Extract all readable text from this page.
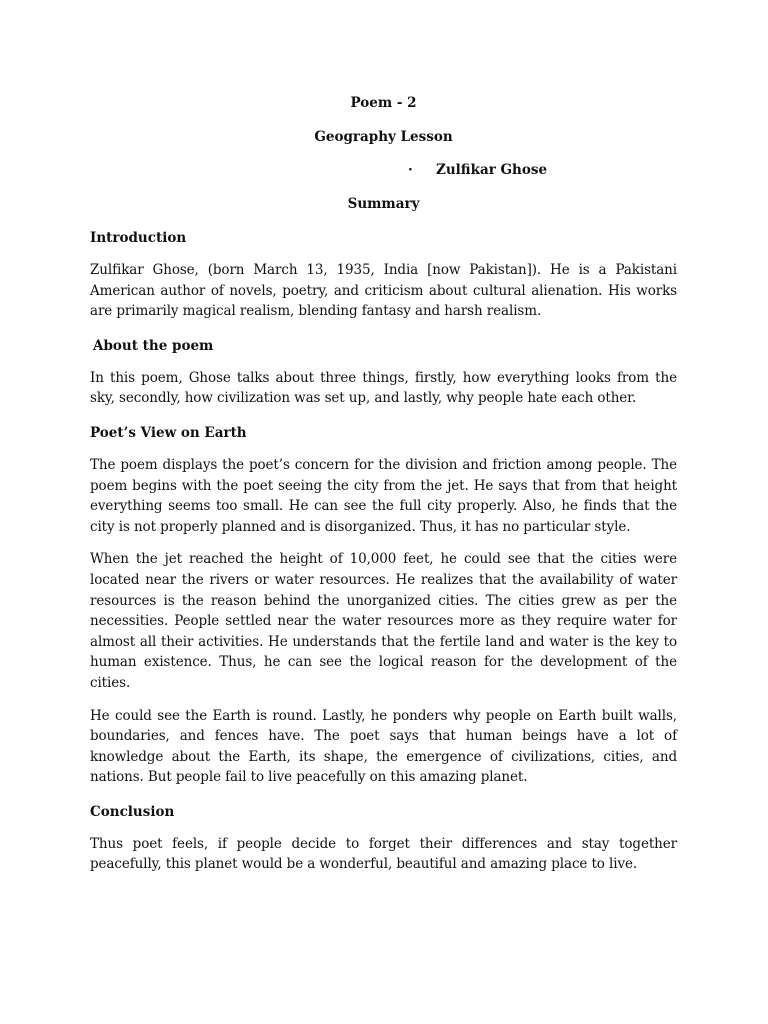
Poem - 2
Geography Lesson
·	Zulfikar Ghose
Summary
Introduction

Zulfikar Ghose, (born March 13, 1935, India [now Pakistan]). He is a Pakistani American author of novels, poetry, and criticism about cultural alienation. His works are primarily magical realism, blending fantasy and harsh realism.

About the poem

In this poem, Ghose talks about three things, firstly, how everything looks from the sky, secondly, how civilization was set up, and lastly, why people hate each other.

Poet’s View on Earth

The poem displays the poet’s concern for the division and friction among people. The poem begins with the poet seeing the city from the jet. He says that from that height everything seems too small. He can see the full city properly. Also, he finds that the city is not properly planned and is disorganized. Thus, it has no particular style.

When the jet reached the height of 10,000 feet, he could see that the cities were located near the rivers or water resources. He realizes that the availability of water resources is the reason behind the unorganized cities. The cities grew as per the necessities. People settled near the water resources more as they require water for almost all their activities. He understands that the fertile land and water is the key to human existence. Thus, he can see the logical reason for the development of the cities.

He could see the Earth is round. Lastly, he ponders why people on Earth built walls, boundaries, and fences have. The poet says that human beings have a lot of knowledge about the Earth, its shape, the emergence of civilizations, cities, and nations. But people fail to live peacefully on this amazing planet.

Conclusion

Thus poet feels, if people decide to forget their differences and stay together peacefully, this planet would be a wonderful, beautiful and amazing place to live.
